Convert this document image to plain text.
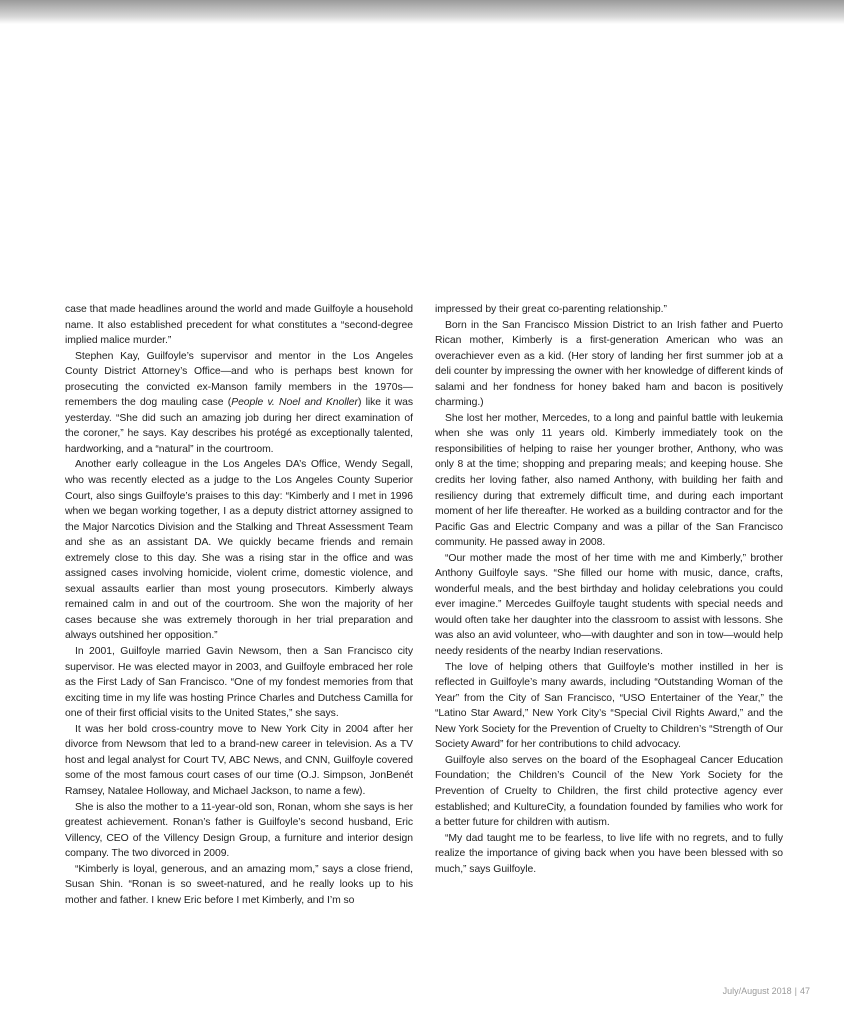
case that made headlines around the world and made Guilfoyle a household name. It also established precedent for what constitutes a “second-degree implied malice murder.”

Stephen Kay, Guilfoyle’s supervisor and mentor in the Los Angeles County District Attorney’s Office—and who is perhaps best known for prosecuting the convicted ex-Manson family members in the 1970s—remembers the dog mauling case (People v. Noel and Knoller) like it was yesterday. “She did such an amazing job during her direct examination of the coroner,” he says. Kay describes his protégé as exceptionally talented, hardworking, and a “natural” in the courtroom.

Another early colleague in the Los Angeles DA’s Office, Wendy Segall, who was recently elected as a judge to the Los Angeles County Superior Court, also sings Guilfoyle’s praises to this day: “Kimberly and I met in 1996 when we began working together, I as a deputy district attorney assigned to the Major Narcotics Division and the Stalking and Threat Assessment Team and she as an assistant DA. We quickly became friends and remain extremely close to this day. She was a rising star in the office and was assigned cases involving homicide, violent crime, domestic violence, and sexual assaults earlier than most young prosecutors. Kimberly always remained calm in and out of the courtroom. She won the majority of her cases because she was extremely thorough in her trial preparation and always outshined her opposition.”

In 2001, Guilfoyle married Gavin Newsom, then a San Francisco city supervisor. He was elected mayor in 2003, and Guilfoyle embraced her role as the First Lady of San Francisco. “One of my fondest memories from that exciting time in my life was hosting Prince Charles and Dutchess Camilla for one of their first official visits to the United States,” she says.

It was her bold cross-country move to New York City in 2004 after her divorce from Newsom that led to a brand-new career in television. As a TV host and legal analyst for Court TV, ABC News, and CNN, Guilfoyle covered some of the most famous court cases of our time (O.J. Simpson, JonBenét Ramsey, Natalee Holloway, and Michael Jackson, to name a few).

She is also the mother to a 11-year-old son, Ronan, whom she says is her greatest achievement. Ronan’s father is Guilfoyle’s second husband, Eric Villency, CEO of the Villency Design Group, a furniture and interior design company. The two divorced in 2009.

“Kimberly is loyal, generous, and an amazing mom,” says a close friend, Susan Shin. “Ronan is so sweet-natured, and he really looks up to his mother and father. I knew Eric before I met Kimberly, and I’m so

impressed by their great co-parenting relationship.”

Born in the San Francisco Mission District to an Irish father and Puerto Rican mother, Kimberly is a first-generation American who was an overachiever even as a kid. (Her story of landing her first summer job at a deli counter by impressing the owner with her knowledge of different kinds of salami and her fondness for honey baked ham and bacon is positively charming.)

She lost her mother, Mercedes, to a long and painful battle with leukemia when she was only 11 years old. Kimberly immediately took on the responsibilities of helping to raise her younger brother, Anthony, who was only 8 at the time; shopping and preparing meals; and keeping house. She credits her loving father, also named Anthony, with building her faith and resiliency during that extremely difficult time, and during each important moment of her life thereafter. He worked as a building contractor and for the Pacific Gas and Electric Company and was a pillar of the San Francisco community. He passed away in 2008.

“Our mother made the most of her time with me and Kimberly,” brother Anthony Guilfoyle says. “She filled our home with music, dance, crafts, wonderful meals, and the best birthday and holiday celebrations you could ever imagine.” Mercedes Guilfoyle taught students with special needs and would often take her daughter into the classroom to assist with lessons. She was also an avid volunteer, who—with daughter and son in tow—would help needy residents of the nearby Indian reservations.

The love of helping others that Guilfoyle’s mother instilled in her is reflected in Guilfoyle’s many awards, including “Outstanding Woman of the Year” from the City of San Francisco, “USO Entertainer of the Year,” the “Latino Star Award,” New York City’s “Special Civil Rights Award,” and the New York Society for the Prevention of Cruelty to Children’s “Strength of Our Society Award” for her contributions to child advocacy.

Guilfoyle also serves on the board of the Esophageal Cancer Education Foundation; the Children’s Council of the New York Society for the Prevention of Cruelty to Children, the first child protective agency ever established; and KultureCity, a foundation founded by families who work for a better future for children with autism.

“My dad taught me to be fearless, to live life with no regrets, and to fully realize the importance of giving back when you have been blessed with so much,” says Guilfoyle.

July/August 2018 | 47
